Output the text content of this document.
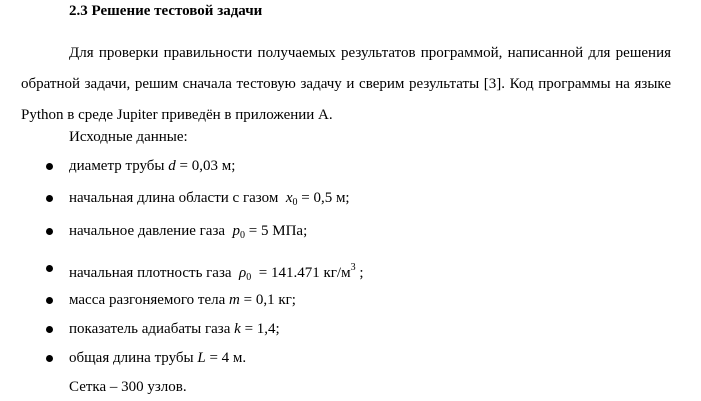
2.3 Решение тестовой задачи
Для проверки правильности получаемых результатов программой, написанной для решения обратной задачи, решим сначала тестовую задачу и сверим результаты [3]. Код программы на языке Python в среде Jupiter приведён в приложении А.
Исходные данные:
диаметр трубы d = 0,03 м;
начальная длина области с газом $x_0 = 0,5$ м;
начальное давление газа $p_0 = 5$ МПа;
начальная плотность газа $\rho_0 = 141.471$ $кг/м^3$ ;
масса разгоняемого тела m = 0,1 кг;
показатель адиабаты газа k = 1,4;
общая длина трубы L = 4 м.
Сетка – 300 узлов.
